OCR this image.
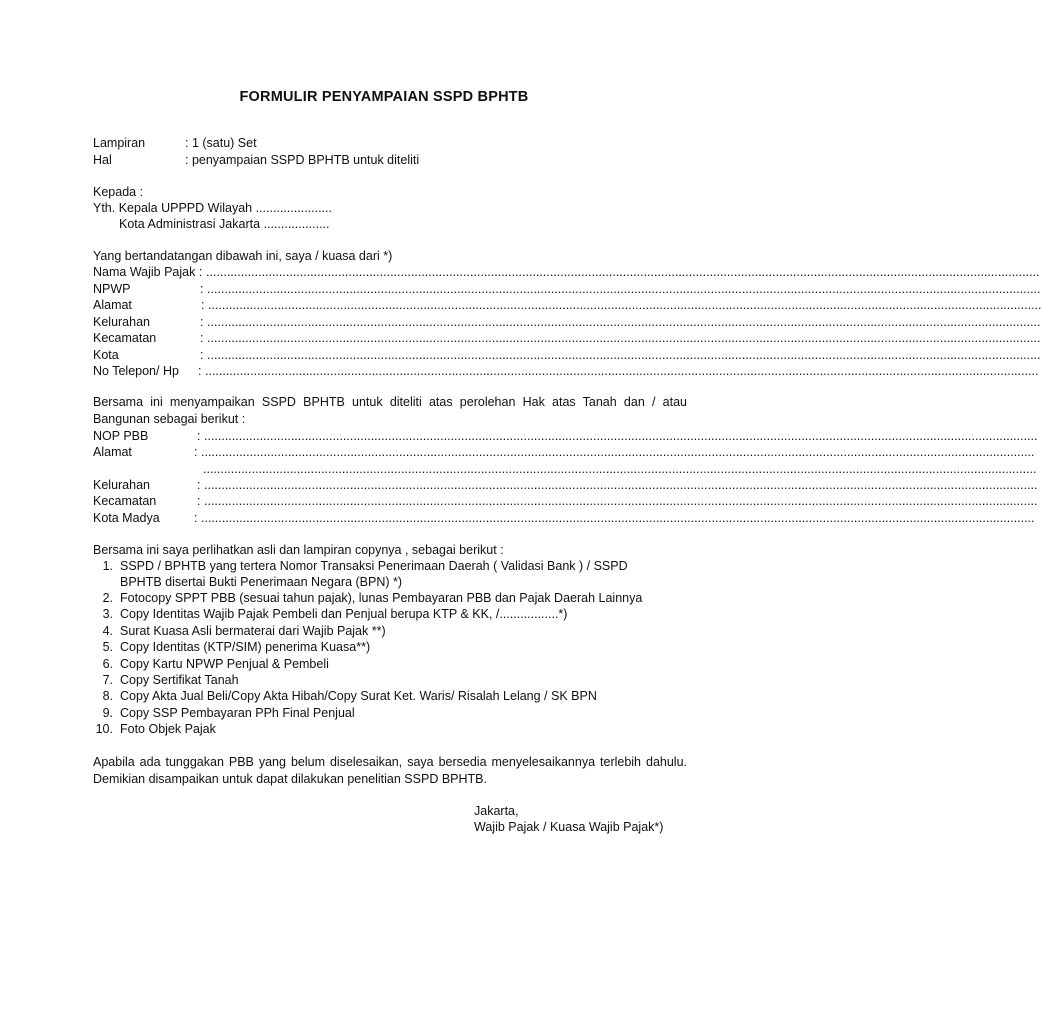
FORMULIR PENYAMPAIAN SSPD BPHTB
Lampiran	: 1 (satu) Set
Hal	: penyampaian SSPD BPHTB untuk diteliti
Kepada :
Yth. Kepala UPPPD Wilayah ......................
Kota Administrasi Jakarta ...................
Yang bertandatangan dibawah ini, saya / kuasa dari *)
Nama Wajib Pajak : ................................................................................................................................................................................................................................................
NPWP	: ................................................................................................................................................................................................................................................
Alamat	: ................................................................................................................................................................................................................................................
Kelurahan	: ................................................................................................................................................................................................................................................
Kecamatan	: ................................................................................................................................................................................................................................................
Kota	: ................................................................................................................................................................................................................................................
No Telepon/ Hp : ................................................................................................................................................................................................................................................
Bersama ini menyampaikan SSPD BPHTB untuk diteliti atas perolehan Hak atas Tanah dan / atau Bangunan sebagai berikut :
NOP PBB	: ................................................................................................................................................................................................................................................
Alamat	: ................................................................................................................................................................................................................................................
................................................................................................................................................................................................................................................
Kelurahan	: ................................................................................................................................................................................................................................................
Kecamatan	: ................................................................................................................................................................................................................................................
Kota Madya	: ................................................................................................................................................................................................................................................
Bersama ini saya perlihatkan asli dan lampiran copynya , sebagai berikut :
1. SSPD / BPHTB yang tertera Nomor Transaksi Penerimaan Daerah ( Validasi Bank ) / SSPD
BPHTB disertai Bukti Penerimaan Negara (BPN) *)
2. Fotocopy SPPT PBB (sesuai tahun pajak), lunas Pembayaran PBB dan Pajak Daerah Lainnya
3. Copy Identitas Wajib Pajak Pembeli dan Penjual berupa KTP & KK, /.................*)
4. Surat Kuasa Asli bermaterai dari Wajib Pajak **)
5. Copy Identitas (KTP/SIM) penerima Kuasa**)
6. Copy Kartu NPWP Penjual & Pembeli
7. Copy Sertifikat Tanah
8. Copy Akta Jual Beli/Copy Akta Hibah/Copy Surat Ket. Waris/ Risalah Lelang / SK BPN
9. Copy SSP Pembayaran PPh Final Penjual
10. Foto Objek Pajak
Apabila ada tunggakan PBB yang belum diselesaikan, saya bersedia menyelesaikannya terlebih dahulu. Demikian disampaikan untuk dapat dilakukan penelitian SSPD BPHTB.
Jakarta,
Wajib Pajak / Kuasa Wajib Pajak*)
